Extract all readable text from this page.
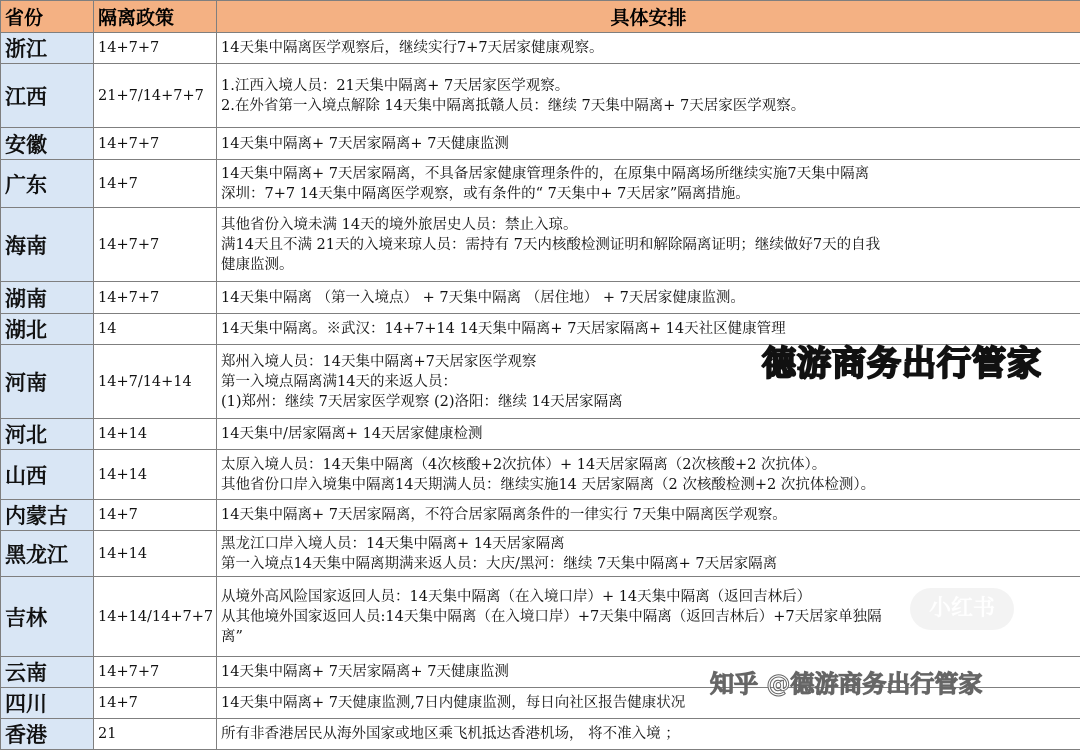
省份	隔离政策	具体安排
浙江	14+7+7	14天集中隔离医学观察后，继续实行7+7天居家健康观察。

江西	21+7/14+7+7	1.江西入境人员：21天集中隔离+ 7天居家医学观察。
2.在外省第一入境点解除 14天集中隔离抵赣人员：继续 7天集中隔离+ 7天居家医学观察。

安徽	14+7+7	14天集中隔离+ 7天居家隔离+ 7天健康监测

广东	14+7	14天集中隔离+ 7天居家隔离，不具备居家健康管理条件的，在原集中隔离场所继续实施7天集中隔离
深圳：7+7 14天集中隔离医学观察，或有条件的“ 7天集中+ 7天居家”隔离措施。

海南	14+7+7	其他省份入境未满 14天的境外旅居史人员：禁止入琼。
满14天且不满 21天的入境来琼人员：需持有 7天内核酸检测证明和解除隔离证明；继续做好7天的自我
健康监测。

湖南	14+7+7	14天集中隔离 （第一入境点） + 7天集中隔离 （居住地） + 7天居家健康监测。

湖北	14	14天集中隔离。※武汉：14+7+14 14天集中隔离+ 7天居家隔离+ 14天社区健康管理

河南	14+7/14+14	郑州入境人员：14天集中隔离+7天居家医学观察
第一入境点隔离满14天的来返人员：
(1)郑州：继续 7天居家医学观察 (2)洛阳：继续 14天居家隔离

河北	14+14	14天集中/居家隔离+ 14天居家健康检测

山西	14+14	太原入境人员：14天集中隔离（4次核酸+2次抗体）+ 14天居家隔离（2次核酸+2 次抗体）。
其他省份口岸入境集中隔离14天期满人员：继续实施14 天居家隔离（2 次核酸检测+2 次抗体检测）。

内蒙古	14+7	14天集中隔离+ 7天居家隔离，不符合居家隔离条件的一律实行 7天集中隔离医学观察。

黑龙江	14+14	黑龙江口岸入境人员：14天集中隔离+ 14天居家隔离
第一入境点14天集中隔离期满来返人员：大庆/黑河：继续 7天集中隔离+ 7天居家隔离

吉林	14+14/14+7+7	从境外高风险国家返回人员：14天集中隔离（在入境口岸）+ 14天集中隔离（返回吉林后）
从其他境外国家返回人员:14天集中隔离（在入境口岸）+7天集中隔离（返回吉林后）+7天居家单独隔
离”

云南	14+7+7	14天集中隔离+ 7天居家隔离+ 7天健康监测

四川	14+7	14天集中隔离+ 7天健康监测,7日内健康监测，每日向社区报告健康状况

香港	21	所有非香港居民从海外国家或地区乘飞机抵达香港机场， 将不准入境 ；
德游商务出行管家
小红书
知乎 @德游商务出行管家
